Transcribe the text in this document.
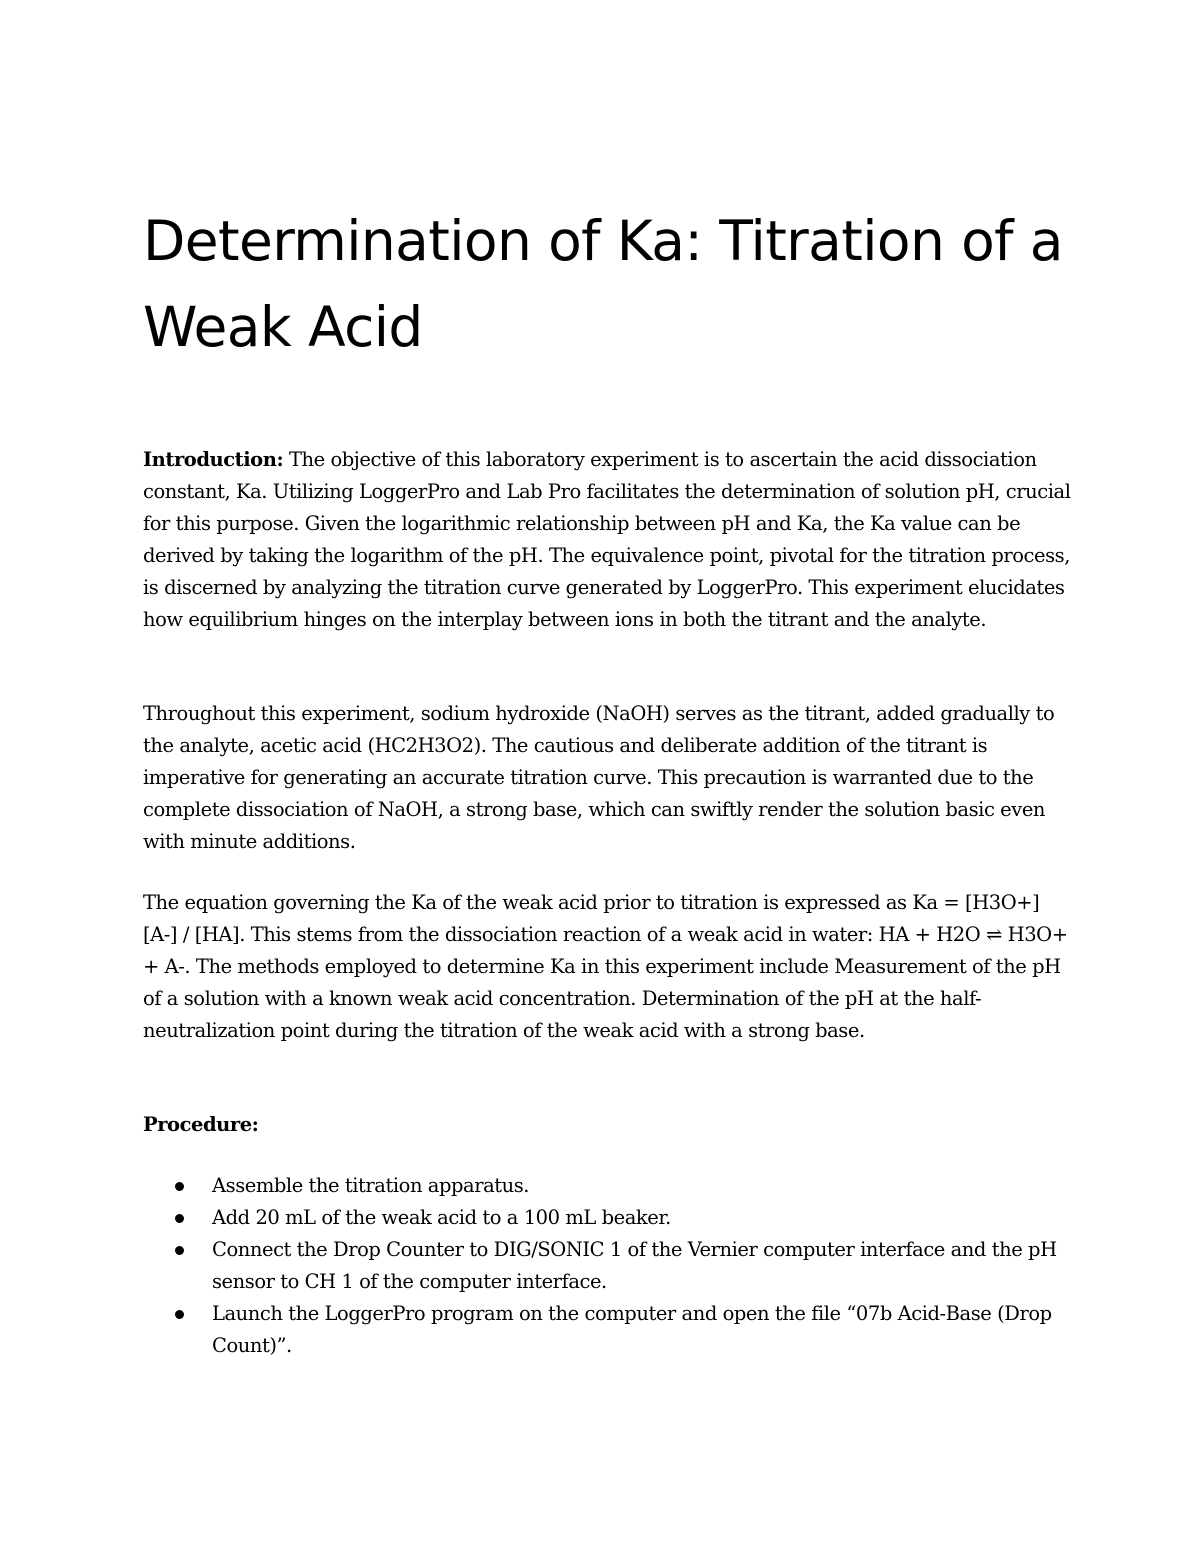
Determination of Ka: Titration of a Weak Acid

Introduction: The objective of this laboratory experiment is to ascertain the acid dissociation constant, Ka. Utilizing LoggerPro and Lab Pro facilitates the determination of solution pH, crucial for this purpose. Given the logarithmic relationship between pH and Ka, the Ka value can be derived by taking the logarithm of the pH. The equivalence point, pivotal for the titration process, is discerned by analyzing the titration curve generated by LoggerPro. This experiment elucidates how equilibrium hinges on the interplay between ions in both the titrant and the analyte.

Throughout this experiment, sodium hydroxide (NaOH) serves as the titrant, added gradually to the analyte, acetic acid (HC2H3O2). The cautious and deliberate addition of the titrant is imperative for generating an accurate titration curve. This precaution is warranted due to the complete dissociation of NaOH, a strong base, which can swiftly render the solution basic even with minute additions.

The equation governing the Ka of the weak acid prior to titration is expressed as Ka = [H3O+] [A-] / [HA]. This stems from the dissociation reaction of a weak acid in water: HA + H2O ⇌ H3O+ + A-. The methods employed to determine Ka in this experiment include Measurement of the pH of a solution with a known weak acid concentration. Determination of the pH at the half-neutralization point during the titration of the weak acid with a strong base.

Procedure:

Assemble the titration apparatus.
Add 20 mL of the weak acid to a 100 mL beaker.
Connect the Drop Counter to DIG/SONIC 1 of the Vernier computer interface and the pH sensor to CH 1 of the computer interface.
Launch the LoggerPro program on the computer and open the file “07b Acid-Base (Drop Count)”.
